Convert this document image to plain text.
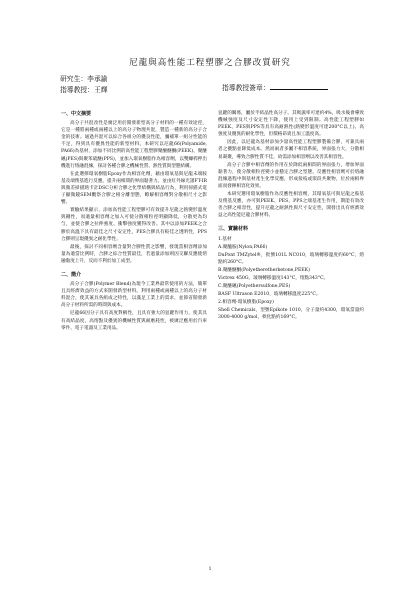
尼龍與高性能工程塑膠之合膠改質研究
研究生：李承諭
指導教授：王輝	指導教授簽章：
一、中文摘要

高分子共混改性是廣泛用於開發新型高分子材料的一種有效途徑，它是一種將兩種或兩種以上的高分子物理共混，製造一種新的高分子合金的技術。通過共混可以綜合各組分的優良性能，彌補單一組分性能的不足，得到具有優異性能的新型材料。本研究以尼龍66(Polyamide, PA66)為基材，添加不同比例的高性能工程塑膠聚醚醚酮(PEEK)、聚醚碸(PES)與聚苯硫醚(PPS)，並加入環氧樹脂作為相容劑，以雙螺桿押出機進行熔融混煉，探討各種合膠之機械性質、熱性質與型態結構。

在此選擇環氧樹脂Epoxy作為相容化劑，藉由環氧基與尼龍末端胺基及端羧基進行反應，提升兩相間的界面黏著力。並由紅外線光譜FT-IR與微差掃描熱卡計DSC分析合膠之化學結構與結晶行為，利用掃描式電子顯微鏡SEM觀察合膠之相分離型態，瞭解相容劑對分散相尺寸之影響。

實驗結果顯示，添加高性能工程塑膠可有效提升尼龍之熱變形溫度與剛性，而適量相容劑之加入可使分散相粒徑明顯降低，分散更為均勻，並使合膠之拉伸強度、衝擊強度獲得改善。其中以添加PEEK之合膠於高溫下具有最佳之尺寸安定性，PES合膠具有較佳之透明性，PPS合膠則呈現優異之耐化學性。

最後，探討不同相容劑含量對合膠性質之影響，發現當相容劑添加量為適當比例時，合膠之綜合性質最佳，若過量添加則因交聯反應使熔融黏度上升，反而不利於加工成型。

二、簡介

高分子合膠(Polymer Blend)為現今工業界最常使用的方法，簡單且具經濟效益的方式來開發新型材料。利用兩種或兩種以上的高分子材料混合，使其兼具各組成之特性，以滿足工業上的需求，並節省開發新高分子材料所需的時間與成本。

尼龍66因分子具有高度對稱性，且具有強大的氫鍵作用力，使其具有高結晶度、高熔點及優異的機械性質與耐磨耗性，被廣泛應用於汽車零件、電子電器及工業用品。

氫鍵的關係，屬於半結晶性高分子。其吸濕率可達約4%，吸水後會導致機械強度及尺寸安定性下降，使用上受到限制。高性能工程塑膠如PEEK、PES與PPS等具有高耐熱性(熱變形溫度可達200°C以上)、高強度及優異的耐化學性，但價格昂貴且加工溫度高。

因此，以尼龍為基材添加少量高性能工程塑膠製備合膠，可兼具兩者之優點並降低成本。然而兩者多屬不相容系統，界面張力大，分散相易凝聚，導致合膠性質不佳，故需添加相容劑以改善其相容性。

高分子合膠中相容劑的作用在於降低兩相間的界面張力，增加界面黏著力，使分散相粒徑變小並穩定合膠之型態。反應性相容劑可於熔融混煉過程中與基材產生化學反應，形成接枝或嵌段共聚物，位於兩相界面而發揮相容化效果。

本研究選用環氧樹脂作為反應性相容劑，其環氧基可與尼龍之胺基及羧基反應，亦可與PEEK、PES、PPS之端基產生作用，期能有效改善合膠之相容性，提升尼龍之耐熱性與尺寸安定性，開發出具有經濟效益之高性能尼龍合膠材料。

三、實驗材料

1.基材

A.聚醯胺(Nylon,PA66)

DuPont TMZytel®，批號101L NC010，玻璃轉移溫度約60°C，熔點約260°C。

B.聚醚醚酮(Polyetheretherketone,PEEK)

Victrex 450G，玻璃轉移溫度143°C，熔點343°C。

C.聚醚碸(Polyethersulfone,PES)

BASF Ultrason E2010，玻璃轉移溫度225°C。

2.相容劑-環氧樹脂(Epoxy)

Shell Chemicals，型號Epikote 1010，分子量約4300，環氧當量約3000-4000 g/mol，軟化點約169°C。

1
